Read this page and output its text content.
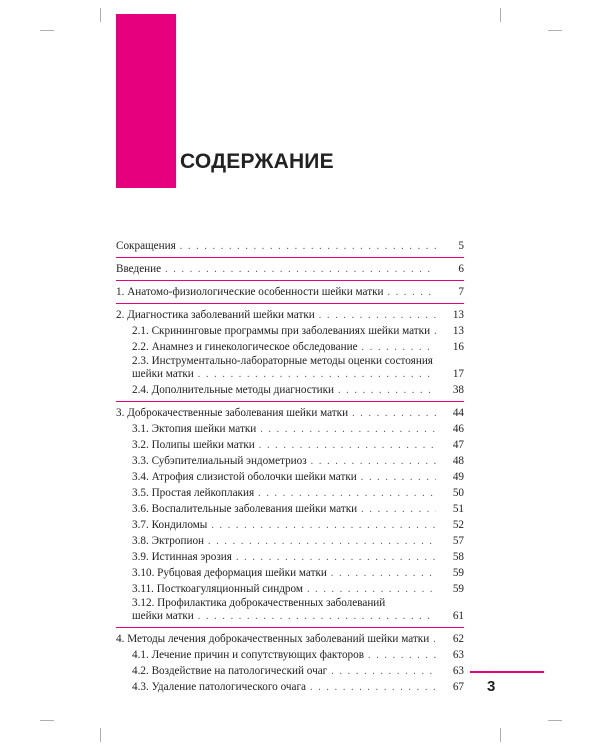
СОДЕРЖАНИЕ
Сокращения . . .	5
Введение . . .	6
1. Анатомо-физиологические особенности шейки матки . . .	7
2. Диагностика заболеваний шейки матки . . .	13
2.1. Скрининговые программы при заболеваниях шейки матки . . .	13
2.2. Анамнез и гинекологическое обследование . . .	16
2.3. Инструментально-лабораторные методы оценки состояния
шейки матки . . .	17
2.4. Дополнительные методы диагностики . . .	38
3. Доброкачественные заболевания шейки матки . . .	44
3.1. Эктопия шейки матки . . .	46
3.2. Полипы шейки матки . . .	47
3.3. Субэпителиальный эндометриоз . . .	48
3.4. Атрофия слизистой оболочки шейки матки . . .	49
3.5. Простая лейкоплакия . . .	50
3.6. Воспалительные заболевания шейки матки . . .	51
3.7. Кондиломы . . .	52
3.8. Эктропион . . .	57
3.9. Истинная эрозия . . .	58
3.10. Рубцовая деформация шейки матки . . .	59
3.11. Посткоагуляционный синдром . . .	59
3.12. Профилактика доброкачественных заболеваний
шейки матки . . .	61
4. Методы лечения доброкачественных заболеваний шейки матки . . .	62
4.1. Лечение причин и сопутствующих факторов . . .	63
4.2. Воздействие на патологический очаг . . .	63
4.3. Удаление патологического очага . . .	67 3
